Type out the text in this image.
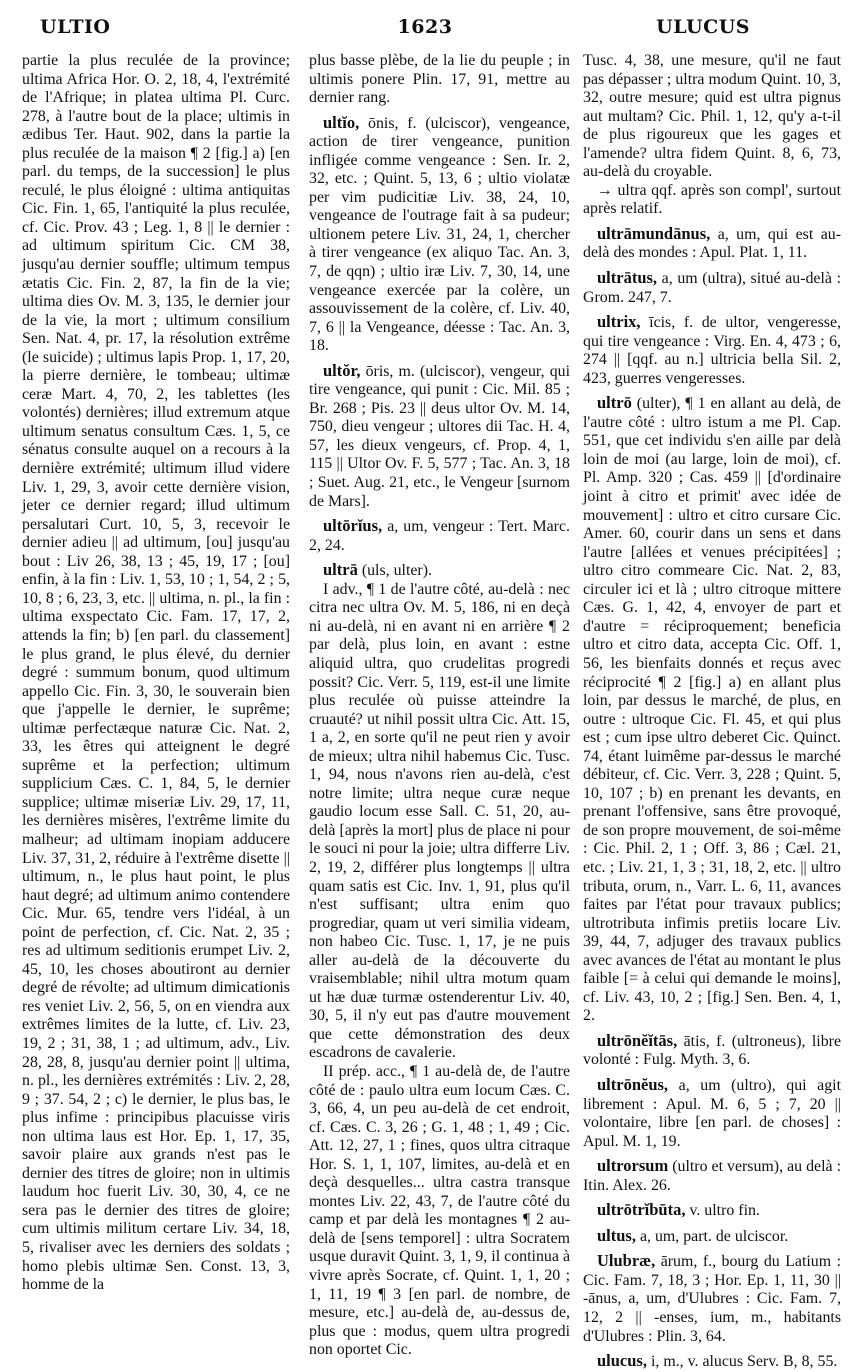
ULTIO	1623	ULUCUS

partie la plus reculée de la province; ultima Africa Hor. O. 2, 18, 4, l'extrémité de l'Afrique; in platea ultima Pl. Curc. 278, à l'autre bout de la place; ultimis in ædibus Ter. Haut. 902, dans la partie la plus reculée de la maison ¶ 2 [fig.] a) [en parl. du temps, de la succession] le plus reculé, le plus éloigné : ultima antiquitas Cic. Fin. 1, 65, l'antiquité la plus reculée, cf. Cic. Prov. 43 ; Leg. 1, 8 || le dernier : ad ultimum spiritum Cic. CM 38, jusqu'au dernier souffle; ultimum tempus ætatis Cic. Fin. 2, 87, la fin de la vie; ultima dies Ov. M. 3, 135, le dernier jour de la vie, la mort ; ultimum consilium Sen. Nat. 4, pr. 17, la résolution extrême (le suicide) ; ultimus lapis Prop. 1, 17, 20, la pierre dernière, le tombeau; ultimæ ceræ Mart. 4, 70, 2, les tablettes (les volontés) dernières; illud extremum atque ultimum senatus consultum Cæs. 1, 5, ce sénatus consulte auquel on a recours à la dernière extrémité; ultimum illud videre Liv. 1, 29, 3, avoir cette dernière vision, jeter ce dernier regard; illud ultimum persalutari Curt. 10, 5, 3, recevoir le dernier adieu || ad ultimum, [ou] jusqu'au bout : Liv 26, 38, 13 ; 45, 19, 17 ; [ou] enfin, à la fin : Liv. 1, 53, 10 ; 1, 54, 2 ; 5, 10, 8 ; 6, 23, 3, etc. || ultima, n. pl., la fin : ultima exspectato Cic. Fam. 17, 17, 2, attends la fin; b) [en parl. du classement] le plus grand, le plus élevé, du dernier degré : summum bonum, quod ultimum appello Cic. Fin. 3, 30, le souverain bien que j'appelle le dernier, le suprême; ultimæ perfectæque naturæ Cic. Nat. 2, 33, les êtres qui atteignent le degré suprême et la perfection; ultimum supplicium Cæs. C. 1, 84, 5, le dernier supplice; ultimæ miseriæ Liv. 29, 17, 11, les dernières misères, l'extrême limite du malheur; ad ultimam inopiam adducere Liv. 37, 31, 2, réduire à l'extrême disette || ultimum, n., le plus haut point, le plus haut degré; ad ultimum animo contendere Cic. Mur. 65, tendre vers l'idéal, à un point de perfection, cf. Cic. Nat. 2, 35 ; res ad ultimum seditionis erumpet Liv. 2, 45, 10, les choses aboutiront au dernier degré de révolte; ad ultimum dimicationis res veniet Liv. 2, 56, 5, on en viendra aux extrêmes limites de la lutte, cf. Liv. 23, 19, 2 ; 31, 38, 1 ; ad ultimum, adv., Liv. 28, 28, 8, jusqu'au dernier point || ultima, n. pl., les dernières extrémités : Liv. 2, 28, 9 ; 37. 54, 2 ; c) le dernier, le plus bas, le plus infime : principibus placuisse viris non ultima laus est Hor. Ep. 1, 17, 35, savoir plaire aux grands n'est pas le dernier des titres de gloire; non in ultimis laudum hoc fuerit Liv. 30, 30, 4, ce ne sera pas le dernier des titres de gloire; cum ultimis militum certare Liv. 34, 18, 5, rivaliser avec les derniers des soldats ; homo plebis ultimæ Sen. Const. 13, 3, homme de la

plus basse plèbe, de la lie du peuple ; in ultimis ponere Plin. 17, 91, mettre au dernier rang.

ultĭo, ōnis, f. (ulciscor), vengeance, action de tirer vengeance, punition infligée comme vengeance : Sen. Ir. 2, 32, etc. ; Quint. 5, 13, 6 ; ultio violatæ per vim pudicitiæ Liv. 38, 24, 10, vengeance de l'outrage fait à sa pudeur; ultionem petere Liv. 31, 24, 1, chercher à tirer vengeance (ex aliquo Tac. An. 3, 7, de qqn) ; ultio iræ Liv. 7, 30, 14, une vengeance exercée par la colère, un assouvissement de la colère, cf. Liv. 40, 7, 6 || la Vengeance, déesse : Tac. An. 3, 18.

ultŏr, ōris, m. (ulciscor), vengeur, qui tire vengeance, qui punit : Cic. Mil. 85 ; Br. 268 ; Pis. 23 || deus ultor Ov. M. 14, 750, dieu vengeur ; ultores dii Tac. H. 4, 57, les dieux vengeurs, cf. Prop. 4, 1, 115 || Ultor Ov. F. 5, 577 ; Tac. An. 3, 18 ; Suet. Aug. 21, etc., le Vengeur [surnom de Mars].

ultōrĭus, a, um, vengeur : Tert. Marc. 2, 24.

ultrā (uls, ulter).

I adv., ¶ 1 de l'autre côté, au-delà : nec citra nec ultra Ov. M. 5, 186, ni en deçà ni au-delà, ni en avant ni en arrière ¶ 2 par delà, plus loin, en avant : estne aliquid ultra, quo crudelitas progredi possit? Cic. Verr. 5, 119, est-il une limite plus reculée où puisse atteindre la cruauté? ut nihil possit ultra Cic. Att. 15, 1 a, 2, en sorte qu'il ne peut rien y avoir de mieux; ultra nihil habemus Cic. Tusc. 1, 94, nous n'avons rien au-delà, c'est notre limite; ultra neque curæ neque gaudio locum esse Sall. C. 51, 20, au-delà [après la mort] plus de place ni pour le souci ni pour la joie; ultra differre Liv. 2, 19, 2, différer plus longtemps || ultra quam satis est Cic. Inv. 1, 91, plus qu'il n'est suffisant; ultra enim quo progrediar, quam ut veri similia videam, non habeo Cic. Tusc. 1, 17, je ne puis aller au-delà de la découverte du vraisemblable; nihil ultra motum quam ut hæ duæ turmæ ostenderentur Liv. 40, 30, 5, il n'y eut pas d'autre mouvement que cette démonstration des deux escadrons de cavalerie.

II prép. acc., ¶ 1 au-delà de, de l'autre côté de : paulo ultra eum locum Cæs. C. 3, 66, 4, un peu au-delà de cet endroit, cf. Cæs. C. 3, 26 ; G. 1, 48 ; 1, 49 ; Cic. Att. 12, 27, 1 ; fines, quos ultra citraque Hor. S. 1, 1, 107, limites, au-delà et en deçà desquelles... ultra castra transque montes Liv. 22, 43, 7, de l'autre côté du camp et par delà les montagnes ¶ 2 au-delà de [sens temporel] : ultra Socratem usque duravit Quint. 3, 1, 9, il continua à vivre après Socrate, cf. Quint. 1, 1, 20 ; 1, 11, 19 ¶ 3 [en parl. de nombre, de mesure, etc.] au-delà de, au-dessus de, plus que : modus, quem ultra progredi non oportet Cic.

Tusc. 4, 38, une mesure, qu'il ne faut pas dépasser ; ultra modum Quint. 10, 3, 32, outre mesure; quid est ultra pignus aut multam? Cic. Phil. 1, 12, qu'y a-t-il de plus rigoureux que les gages et l'amende? ultra fidem Quint. 8, 6, 73, au-delà du croyable.

→ ultra qqf. après son compl', surtout après relatif.

ultrāmundānus, a, um, qui est au-delà des mondes : Apul. Plat. 1, 11.

ultrātus, a, um (ultra), situé au-delà : Grom. 247, 7.

ultrix, īcis, f. de ultor, vengeresse, qui tire vengeance : Virg. En. 4, 473 ; 6, 274 || [qqf. au n.] ultricia bella Sil. 2, 423, guerres vengeresses.

ultrō (ulter), ¶ 1 en allant au delà, de l'autre côté : ultro istum a me Pl. Cap. 551, que cet individu s'en aille par delà loin de moi (au large, loin de moi), cf. Pl. Amp. 320 ; Cas. 459 || [d'ordinaire joint à citro et primit' avec idée de mouvement] : ultro et citro cursare Cic. Amer. 60, courir dans un sens et dans l'autre [allées et venues précipitées] ; ultro citro commeare Cic. Nat. 2, 83, circuler ici et là ; ultro citroque mittere Cæs. G. 1, 42, 4, envoyer de part et d'autre = réciproquement; beneficia ultro et citro data, accepta Cic. Off. 1, 56, les bienfaits donnés et reçus avec réciprocité ¶ 2 [fig.] a) en allant plus loin, par dessus le marché, de plus, en outre : ultroque Cic. Fl. 45, et qui plus est ; cum ipse ultro deberet Cic. Quinct. 74, étant luimême par-dessus le marché débiteur, cf. Cic. Verr. 3, 228 ; Quint. 5, 10, 107 ; b) en prenant les devants, en prenant l'offensive, sans être provoqué, de son propre mouvement, de soi-même : Cic. Phil. 2, 1 ; Off. 3, 86 ; Cæl. 21, etc. ; Liv. 21, 1, 3 ; 31, 18, 2, etc. || ultro tributa, orum, n., Varr. L. 6, 11, avances faites par l'état pour travaux publics; ultrotributa infimis pretiis locare Liv. 39, 44, 7, adjuger des travaux publics avec avances de l'état au montant le plus faible [= à celui qui demande le moins], cf. Liv. 43, 10, 2 ; [fig.] Sen. Ben. 4, 1, 2.

ultrōnĕĭtās, ātis, f. (ultroneus), libre volonté : Fulg. Myth. 3, 6.

ultrōnĕus, a, um (ultro), qui agit librement : Apul. M. 6, 5 ; 7, 20 || volontaire, libre [en parl. de choses] : Apul. M. 1, 19.

ultrorsum (ultro et versum), au delà : Itin. Alex. 26.

ultrōtrĭbūta, v. ultro fin.

ultus, a, um, part. de ulciscor.

Ulubræ, ārum, f., bourg du Latium : Cic. Fam. 7, 18, 3 ; Hor. Ep. 1, 11, 30 || -ānus, a, um, d'Ulubres : Cic. Fam. 7, 12, 2 || -enses, ium, m., habitants d'Ulubres : Plin. 3, 64.

ulucus, i, m., v. alucus Serv. B, 8, 55.
